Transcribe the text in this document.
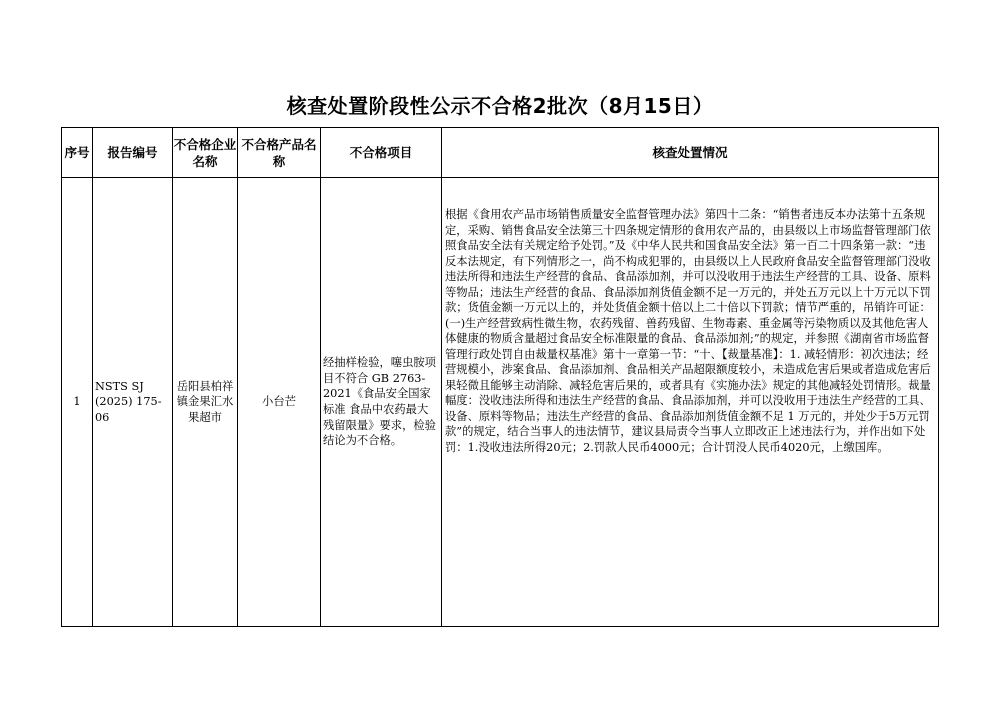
核查处置阶段性公示不合格2批次（8月15日）
序号	报告编号	不合格企业名称	不合格产品名称	不合格项目	核查处置情况
1	NSTS SJ (2025) 175-06	岳阳县柏祥镇金果汇水果超市	小台芒	经抽样检验，噻虫胺项目不符合 GB 2763-2021《食品安全国家标准 食品中农药最大残留限量》要求，检验结论为不合格。	根据《食用农产品市场销售质量安全监督管理办法》第四十二条：“销售者违反本办法第十五条规定，采购、销售食品安全法第三十四条规定情形的食用农产品的，由县级以上市场监督管理部门依照食品安全法有关规定给予处罚。”及《中华人民共和国食品安全法》第一百二十四条第一款：“违反本法规定，有下列情形之一，尚不构成犯罪的，由县级以上人民政府食品安全监督管理部门没收违法所得和违法生产经营的食品、食品添加剂，并可以没收用于违法生产经营的工具、设备、原料等物品；违法生产经营的食品、食品添加剂货值金额不足一万元的，并处五万元以上十万元以下罚款；货值金额一万元以上的，并处货值金额十倍以上二十倍以下罚款；情节严重的，吊销许可证：(一)生产经营致病性微生物，农药残留、兽药残留、生物毒素、重金属等污染物质以及其他危害人体健康的物质含量超过食品安全标准限量的食品、食品添加剂;”的规定，并参照《湖南省市场监督管理行政处罚自由裁量权基准》第十一章第一节：“十、【裁量基准】：1. 减轻情形：初次违法；经营规模小，涉案食品、食品添加剂、食品相关产品超限额度较小，未造成危害后果或者造成危害后果轻微且能够主动消除、减轻危害后果的，或者具有《实施办法》规定的其他减轻处罚情形。裁量幅度：没收违法所得和违法生产经营的食品、食品添加剂，并可以没收用于违法生产经营的工具、设备、原料等物品；违法生产经营的食品、食品添加剂货值金额不足 1 万元的，并处少于5万元罚款”的规定，结合当事人的违法情节，建议县局责令当事人立即改正上述违法行为，并作出如下处罚：1.没收违法所得20元；2.罚款人民币4000元；合计罚没人民币4020元，上缴国库。
